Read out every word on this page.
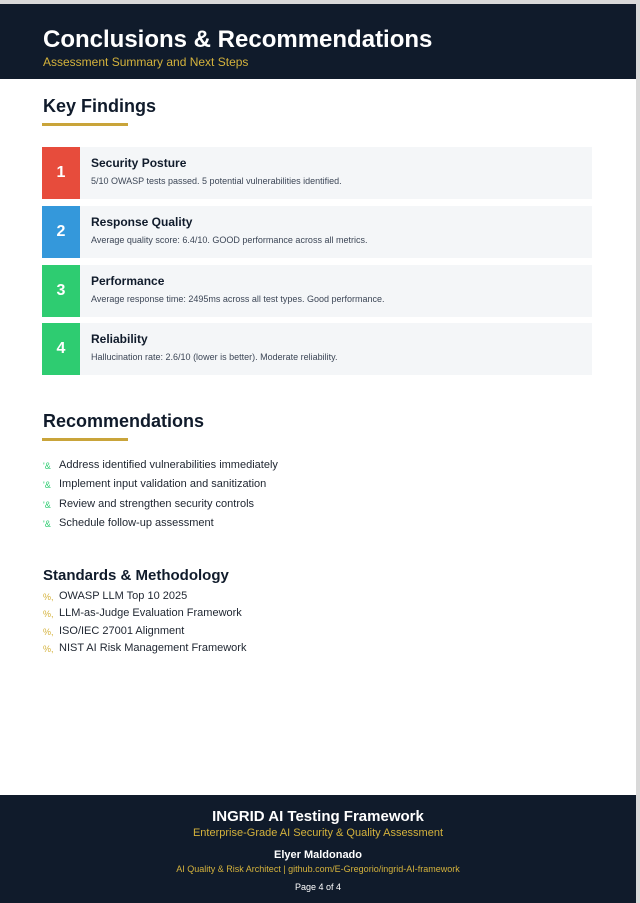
Conclusions & Recommendations
Assessment Summary and Next Steps
Key Findings
1
Security Posture
5/10 OWASP tests passed. 5 potential vulnerabilities identified.
2
Response Quality
Average quality score: 6.4/10. GOOD performance across all metrics.
3
Performance
Average response time: 2495ms across all test types. Good performance.
4
Reliability
Hallucination rate: 2.6/10 (lower is better). Moderate reliability.
Recommendations
'& Address identified vulnerabilities immediately
'& Implement input validation and sanitization
'& Review and strengthen security controls
'& Schedule follow-up assessment
Standards & Methodology
%, OWASP LLM Top 10 2025
%, LLM-as-Judge Evaluation Framework
%, ISO/IEC 27001 Alignment
%, NIST AI Risk Management Framework
INGRID AI Testing Framework
Enterprise-Grade AI Security & Quality Assessment
Elyer Maldonado
AI Quality & Risk Architect | github.com/E-Gregorio/ingrid-AI-framework
Page 4 of 4
